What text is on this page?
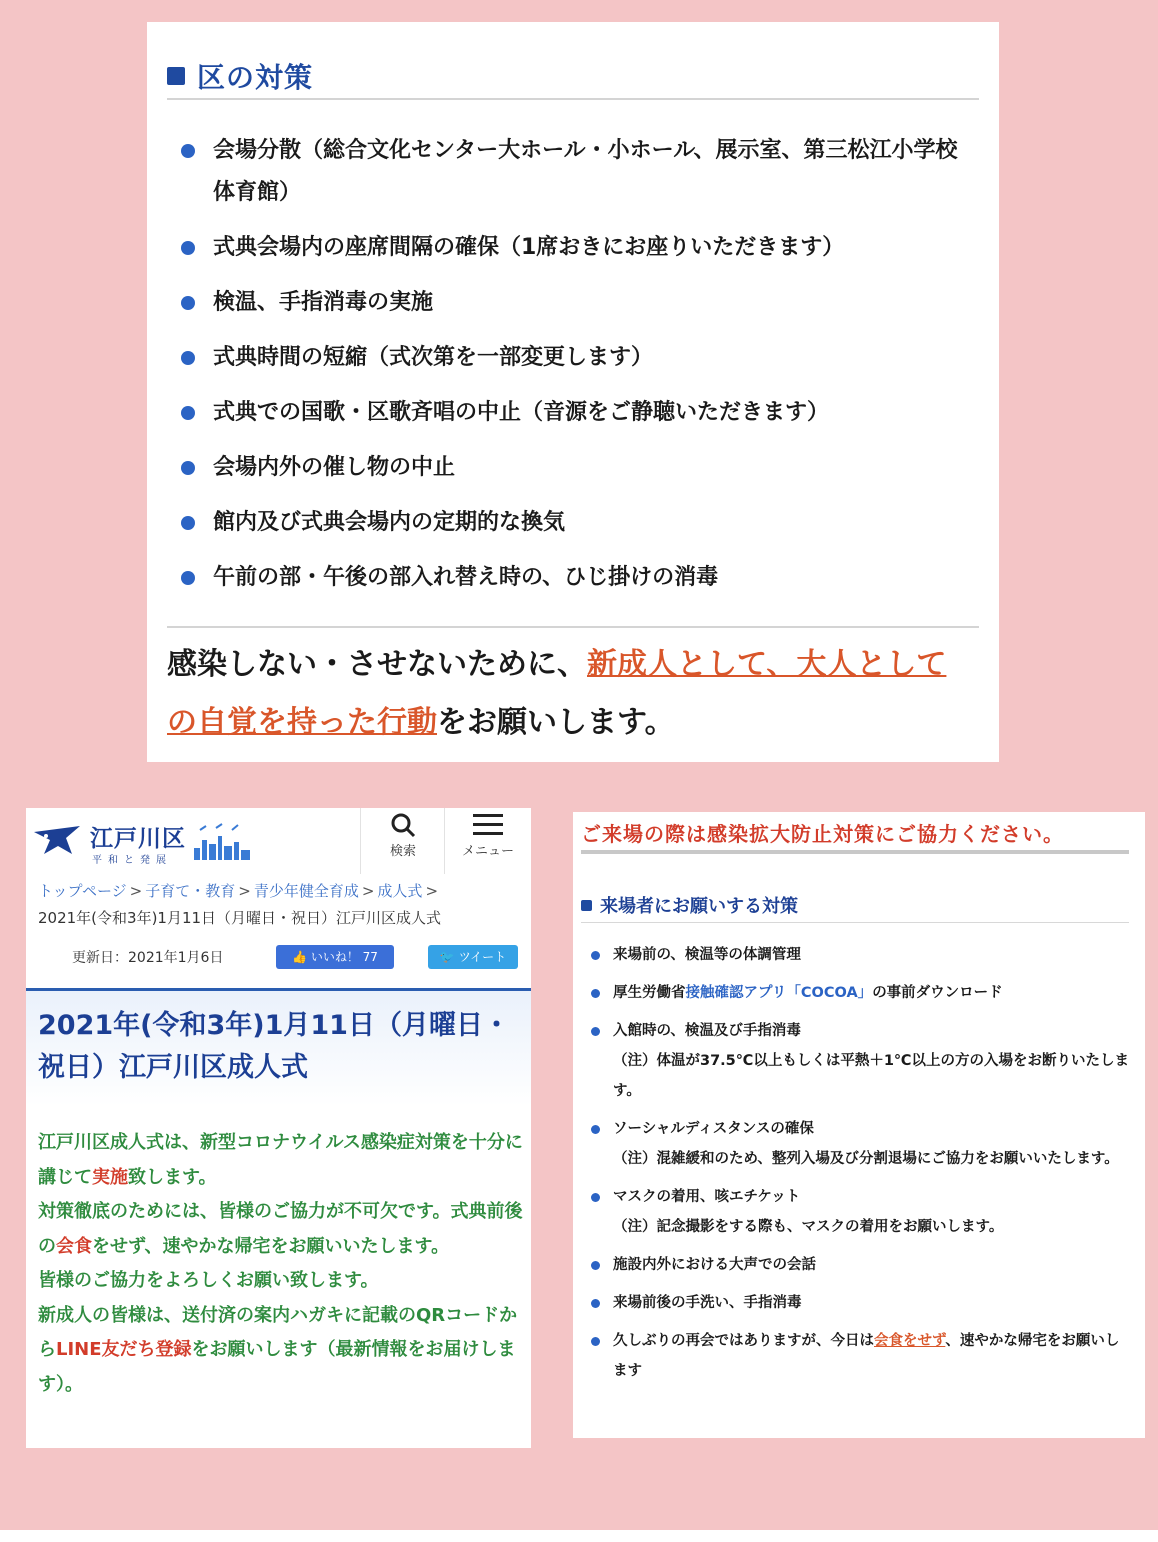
区の対策
会場分散（総合文化センター大ホール・小ホール、展示室、第三松江小学校体育館）
式典会場内の座席間隔の確保（1席おきにお座りいただきます）
検温、手指消毒の実施
式典時間の短縮（式次第を一部変更します）
式典での国歌・区歌斉唱の中止（音源をご静聴いただきます）
会場内外の催し物の中止
館内及び式典会場内の定期的な換気
午前の部・午後の部入れ替え時の、ひじ掛けの消毒
感染しない・させないために、新成人として、大人としての自覚を持った行動をお願いします。
江戸川区
平和と発展
検索	メニュー
トップページ > 子育て・教育 > 青少年健全育成 > 成人式 >
2021年(令和3年)1月11日（月曜日・祝日）江戸川区成人式
更新日：2021年1月6日	👍 いいね！ 77	🐦 ツイート
2021年(令和3年)1月11日（月曜日・祝日）江戸川区成人式
江戸川区成人式は、新型コロナウイルス感染症対策を十分に講じて実施致します。
対策徹底のためには、皆様のご協力が不可欠です。式典前後の会食をせず、速やかな帰宅をお願いいたします。
皆様のご協力をよろしくお願い致します。
新成人の皆様は、送付済の案内ハガキに記載のQRコードからLINE友だち登録をお願いします（最新情報をお届けします）。
ご来場の際は感染拡大防止対策にご協力ください。
来場者にお願いする対策
来場前の、検温等の体調管理
厚生労働省接触確認アプリ「COCOA」の事前ダウンロード
入館時の、検温及び手指消毒
（注）体温が37.5℃以上もしくは平熱＋1℃以上の方の入場をお断りいたします。
ソーシャルディスタンスの確保
（注）混雑緩和のため、整列入場及び分割退場にご協力をお願いいたします。
マスクの着用、咳エチケット
（注）記念撮影をする際も、マスクの着用をお願いします。
施設内外における大声での会話
来場前後の手洗い、手指消毒
久しぶりの再会ではありますが、今日は会食をせず、速やかな帰宅をお願いします
